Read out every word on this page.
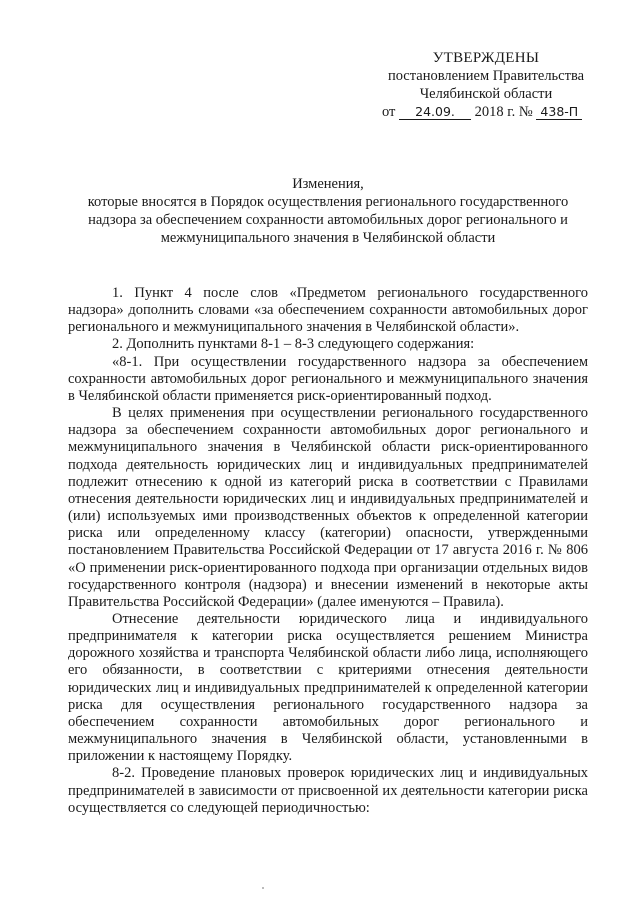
УТВЕРЖДЕНЫ
постановлением Правительства
Челябинской области
от 24.09. 2018 г. № 438-П
Изменения,
которые вносятся в Порядок осуществления регионального государственного
надзора за обеспечением сохранности автомобильных дорог регионального и
межмуниципального значения в Челябинской области

1. Пункт 4 после слов «Предметом регионального государственного надзора» дополнить словами «за обеспечением сохранности автомобильных дорог регионального и межмуниципального значения в Челябинской области».

2. Дополнить пунктами 8-1 – 8-3 следующего содержания:

«8-1. При осуществлении государственного надзора за обеспечением сохранности автомобильных дорог регионального и межмуниципального значения в Челябинской области применяется риск-ориентированный подход.

В целях применения при осуществлении регионального государственного надзора за обеспечением сохранности автомобильных дорог регионального и межмуниципального значения в Челябинской области риск-ориентированного подхода деятельность юридических лиц и индивидуальных предпринимателей подлежит отнесению к одной из категорий риска в соответствии с Правилами отнесения деятельности юридических лиц и индивидуальных предпринимателей и (или) используемых ими производственных объектов к определенной категории риска или определенному классу (категории) опасности, утвержденными постановлением Правительства Российской Федерации от 17 августа 2016 г. № 806 «О применении риск-ориентированного подхода при организации отдельных видов государственного контроля (надзора) и внесении изменений в некоторые акты Правительства Российской Федерации» (далее именуются – Правила).

Отнесение деятельности юридического лица и индивидуального предпринимателя к категории риска осуществляется решением Министра дорожного хозяйства и транспорта Челябинской области либо лица, исполняющего его обязанности, в соответствии с критериями отнесения деятельности юридических лиц и индивидуальных предпринимателей к определенной категории риска для осуществления регионального государственного надзора за обеспечением сохранности автомобильных дорог регионального и межмуниципального значения в Челябинской области, установленными в приложении к настоящему Порядку.

8-2. Проведение плановых проверок юридических лиц и индивидуальных предпринимателей в зависимости от присвоенной их деятельности категории риска осуществляется со следующей периодичностью:
